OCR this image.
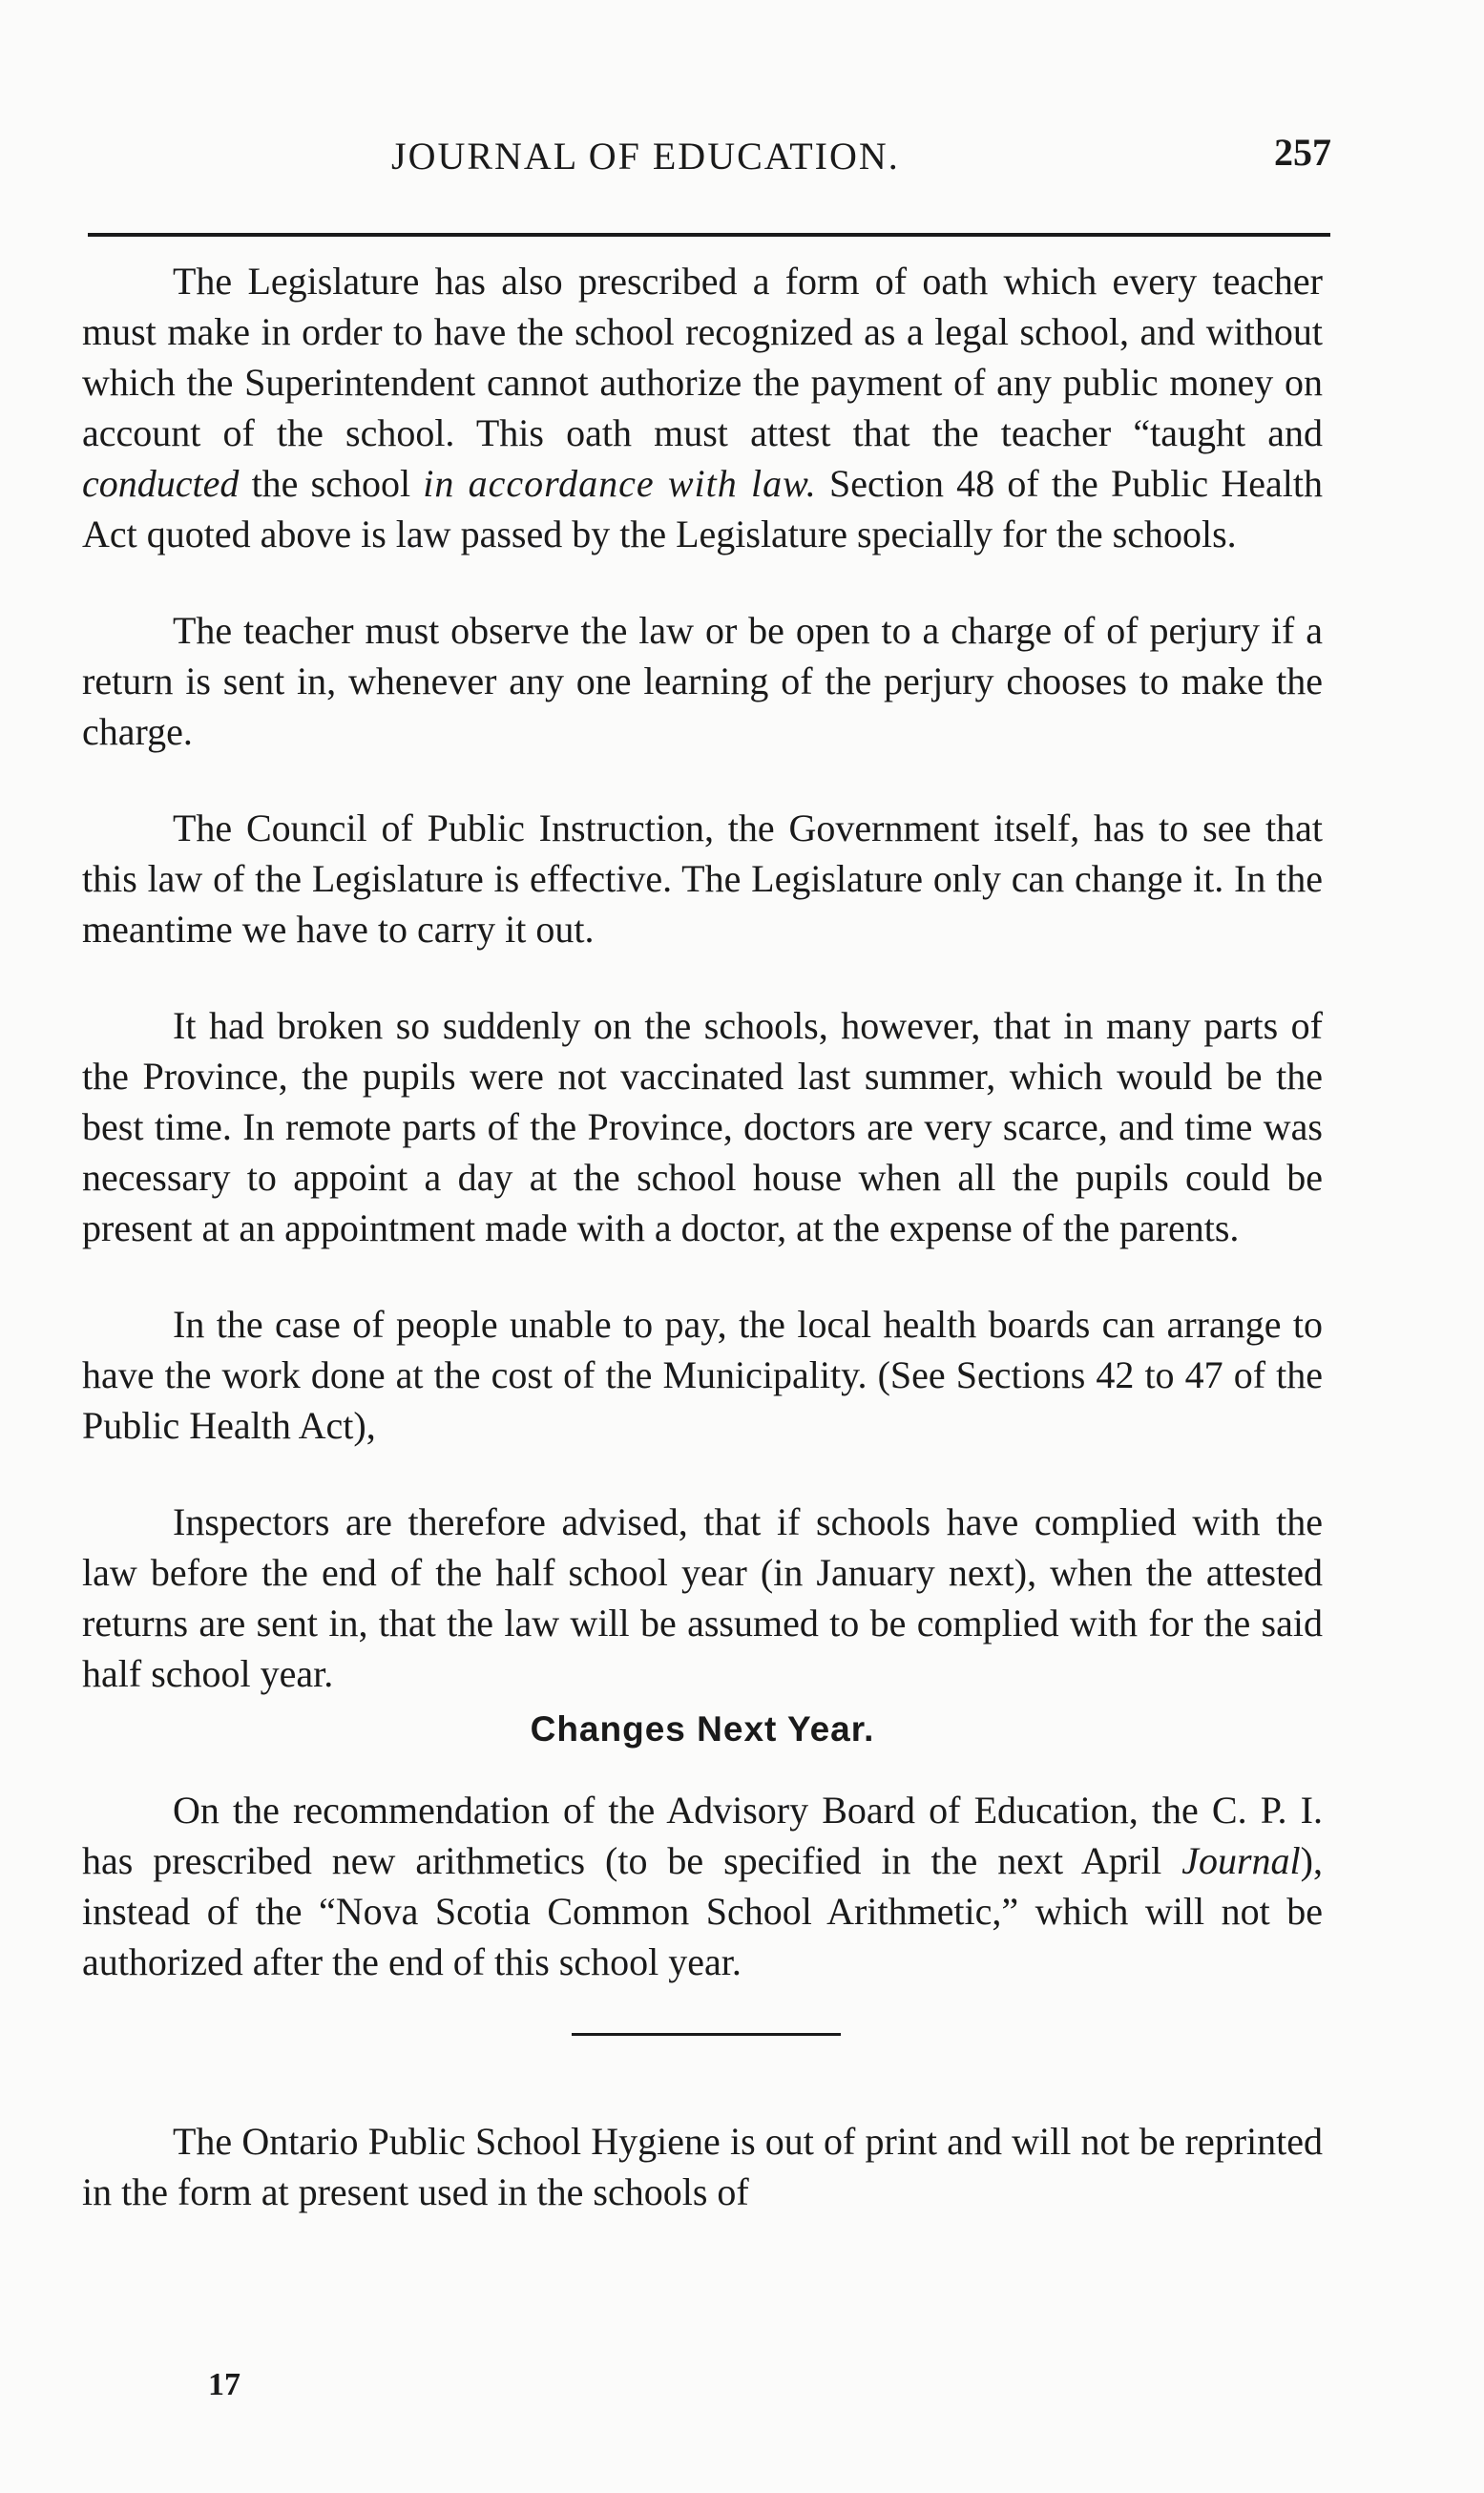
JOURNAL OF EDUCATION.	257

The Legislature has also prescribed a form of oath which every teacher must make in order to have the school recognized as a legal school, and without which the Superintendent cannot authorize the payment of any public money on account of the school. This oath must attest that the teacher “taught and conducted the school in accordance with law. Section 48 of the Public Health Act quoted above is law passed by the Legislature specially for the schools.

The teacher must observe the law or be open to a charge of of perjury if a return is sent in, whenever any one learning of the perjury chooses to make the charge.

The Council of Public Instruction, the Government itself, has to see that this law of the Legislature is effective. The Legislature only can change it. In the meantime we have to carry it out.

It had broken so suddenly on the schools, however, that in many parts of the Province, the pupils were not vaccinated last summer, which would be the best time. In remote parts of the Province, doctors are very scarce, and time was necessary to appoint a day at the school house when all the pupils could be present at an appointment made with a doctor, at the expense of the parents.

In the case of people unable to pay, the local health boards can arrange to have the work done at the cost of the Municipality. (See Sections 42 to 47 of the Public Health Act),

Inspectors are therefore advised, that if schools have complied with the law before the end of the half school year (in January next), when the attested returns are sent in, that the law will be assumed to be complied with for the said half school year.

Changes Next Year.

On the recommendation of the Advisory Board of Education, the C. P. I. has prescribed new arithmetics (to be specified in the next April Journal), instead of the “Nova Scotia Common School Arithmetic,” which will not be authorized after the end of this school year.

The Ontario Public School Hygiene is out of print and will not be reprinted in the form at present used in the schools of

17
